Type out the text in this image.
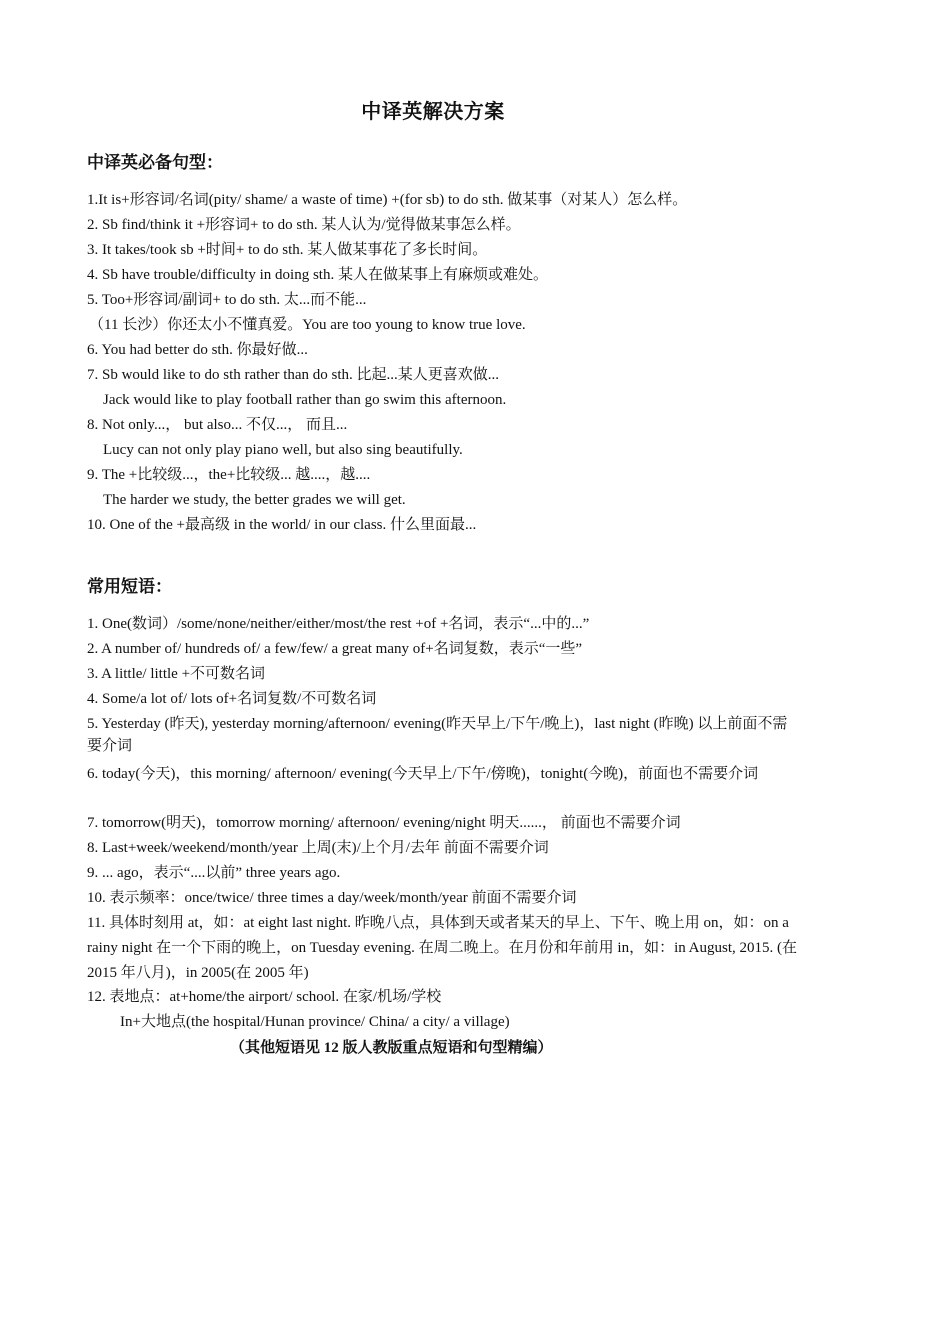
中译英解决方案
中译英必备句型：
1.It is+形容词/名词(pity/ shame/ a waste of time) +(for sb) to do sth. 做某事（对某人）怎么样。
2. Sb find/think it +形容词+ to do sth. 某人认为/觉得做某事怎么样。
3. It takes/took sb +时间+ to do sth. 某人做某事花了多长时间。
4. Sb have trouble/difficulty in doing sth. 某人在做某事上有麻烦或难处。
5. Too+形容词/副词+ to do sth. 太...而不能...
（11 长沙）你还太小不懂真爱。You are too young to know true love.
6. You had better do sth. 你最好做...
7. Sb would like to do sth rather than do sth. 比起...某人更喜欢做...
Jack would like to play football rather than go swim this afternoon.
8. Not only...， but also... 不仅...， 而且...
Lucy can not only play piano well, but also sing beautifully.
9. The +比较级...，the+比较级... 越....，越....
The harder we study, the better grades we will get.
10. One of the +最高级 in the world/ in our class. 什么里面最...
常用短语：
1. One(数词）/some/none/neither/either/most/the rest +of +名词，表示“...中的...”
2. A number of/ hundreds of/ a few/few/ a great many of+名词复数，表示“一些”
3. A little/ little +不可数名词
4. Some/a lot of/ lots of+名词复数/不可数名词
5. Yesterday (昨天), yesterday morning/afternoon/ evening(昨天早上/下午/晚上)，last night (昨晚) 以上前面不需要介词
6. today(今天)，this morning/ afternoon/ evening(今天早上/下午/傍晚)，tonight(今晚)，前面也不需要介词
7. tomorrow(明天)，tomorrow morning/ afternoon/ evening/night 明天......， 前面也不需要介词
8. Last+week/weekend/month/year 上周(末)/上个月/去年 前面不需要介词
9. ... ago，表示“....以前” three years ago.
10. 表示频率：once/twice/ three times a day/week/month/year 前面不需要介词
11. 具体时刻用 at，如：at eight last night. 昨晚八点，具体到天或者某天的早上、下午、晚上用 on，如：on a rainy night 在一个下雨的晚上，on Tuesday evening. 在周二晚上。在月份和年前用 in，如：in August, 2015. (在 2015 年八月)，in 2005(在 2005 年)
12. 表地点：at+home/the airport/ school. 在家/机场/学校
In+大地点(the hospital/Hunan province/ China/ a city/ a village)
（其他短语见 12 版人教版重点短语和句型精编）
